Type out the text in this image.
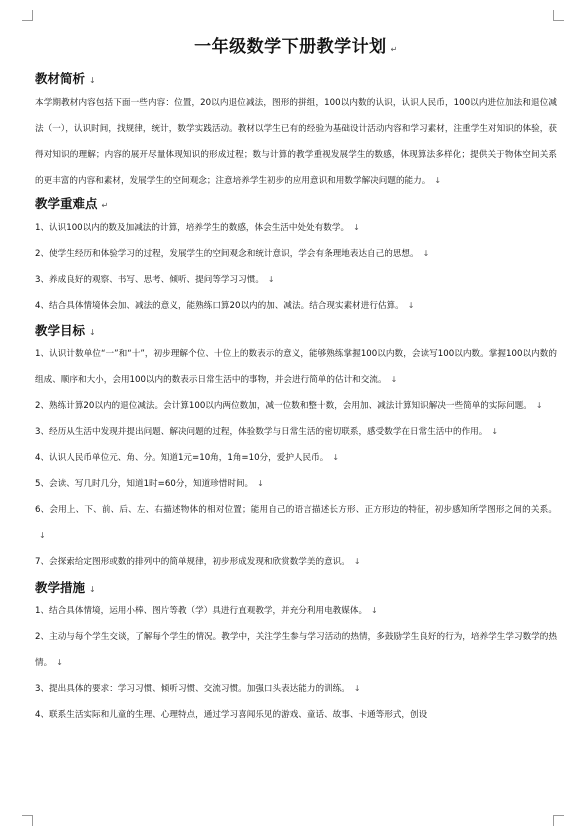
一年级数学下册教学计划 ↵
教材简析 ↓

本学期教材内容包括下面一些内容：位置，20以内退位减法，图形的拼组，100以内数的认识，认识人民币，100以内进位加法和退位减法（一），认识时间，找规律，统计，数学实践活动。教材以学生已有的经验为基础设计活动内容和学习素材，注重学生对知识的体验，获得对知识的理解；内容的展开尽量体现知识的形成过程；数与计算的教学重视发展学生的数感，体现算法多样化；提供关于物体空间关系的更丰富的内容和素材，发展学生的空间观念；注意培养学生初步的应用意识和用数学解决问题的能力。 ↓

教学重难点 ↵

1、认识100以内的数及加减法的计算，培养学生的数感，体会生活中处处有数学。 ↓

2、使学生经历和体验学习的过程，发展学生的空间观念和统计意识，学会有条理地表达自己的思想。 ↓

3、养成良好的观察、书写、思考、倾听、提问等学习习惯。 ↓

4、结合具体情境体会加、减法的意义，能熟练口算20以内的加、减法。结合现实素材进行估算。 ↓

教学目标 ↓

1、认识计数单位“一”和“十”，初步理解个位、十位上的数表示的意义，能够熟练掌握100以内数，会读写100以内数。掌握100以内数的组成、顺序和大小，会用100以内的数表示日常生活中的事物，并会进行简单的估计和交流。 ↓

2、熟练计算20以内的退位减法。会计算100以内两位数加，减一位数和整十数，会用加、减法计算知识解决一些简单的实际问题。 ↓

3、经历从生活中发现并提出问题、解决问题的过程，体验数学与日常生活的密切联系，感受数学在日常生活中的作用。 ↓

4、认识人民币单位元、角、分。知道1元=10角，1角=10分，爱护人民币。 ↓

5、会读、写几时几分，知道1时=60分，知道珍惜时间。 ↓

6、会用上、下、前、后、左、右描述物体的相对位置；能用自己的语言描述长方形、正方形边的特征，初步感知所学图形之间的关系。↓

7、会探索给定图形或数的排列中的简单规律，初步形成发现和欣赏数学美的意识。 ↓

教学措施 ↓

1、结合具体情境，运用小棒、图片等教（学）具进行直观教学，并充分利用电教媒体。 ↓

2、主动与每个学生交谈，了解每个学生的情况。教学中，关注学生参与学习活动的热情，多鼓励学生良好的行为，培养学生学习数学的热情。 ↓

3、提出具体的要求：学习习惯、倾听习惯、交流习惯。加强口头表达能力的训练。 ↓

4、联系生活实际和儿童的生理、心理特点，通过学习喜闻乐见的游戏、童话、故事、卡通等形式，创设
